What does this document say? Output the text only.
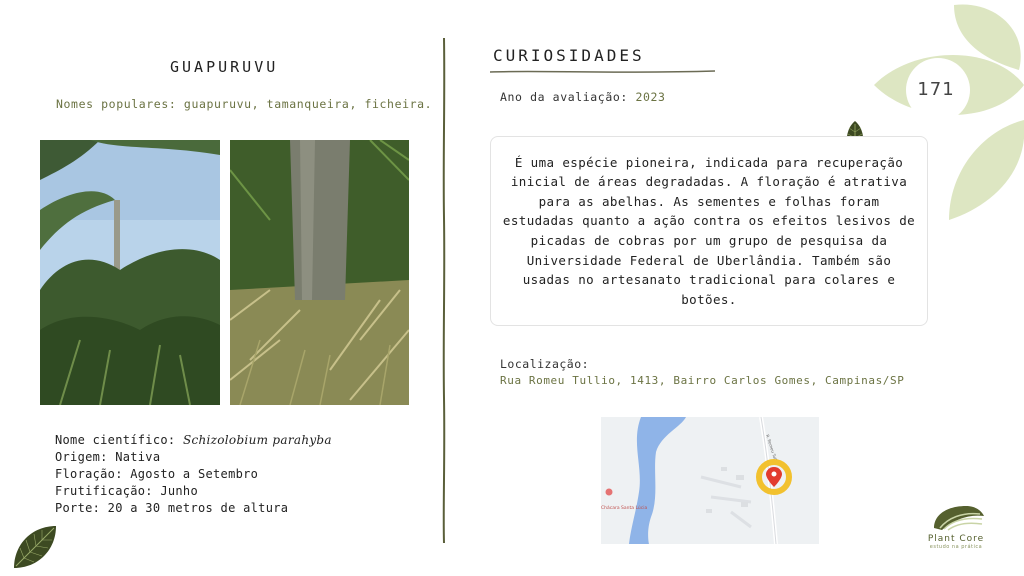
171
GUAPURUVU
Nomes populares: guapuruvu, tamanqueira, ficheira.
Nome científico: Schizolobium parahyba
Origem: Nativa
Floração: Agosto a Setembro
Frutificação: Junho
Porte: 20 a 30 metros de altura
CURIOSIDADES
Ano da avaliação: 2023
É uma espécie pioneira, indicada para recuperação inicial de áreas degradadas. A floração é atrativa para as abelhas. As sementes e folhas foram estudadas quanto a ação contra os efeitos lesivos de picadas de cobras por um grupo de pesquisa da Universidade Federal de Uberlândia. Também são usadas no artesanato tradicional para colares e botões.
Localização:
Rua Romeu Tullio, 1413, Bairro Carlos Gomes, Campinas/SP
Chácara Santa Lúcia
R. Romeu Tullio
Plant Core
estudo na prática
